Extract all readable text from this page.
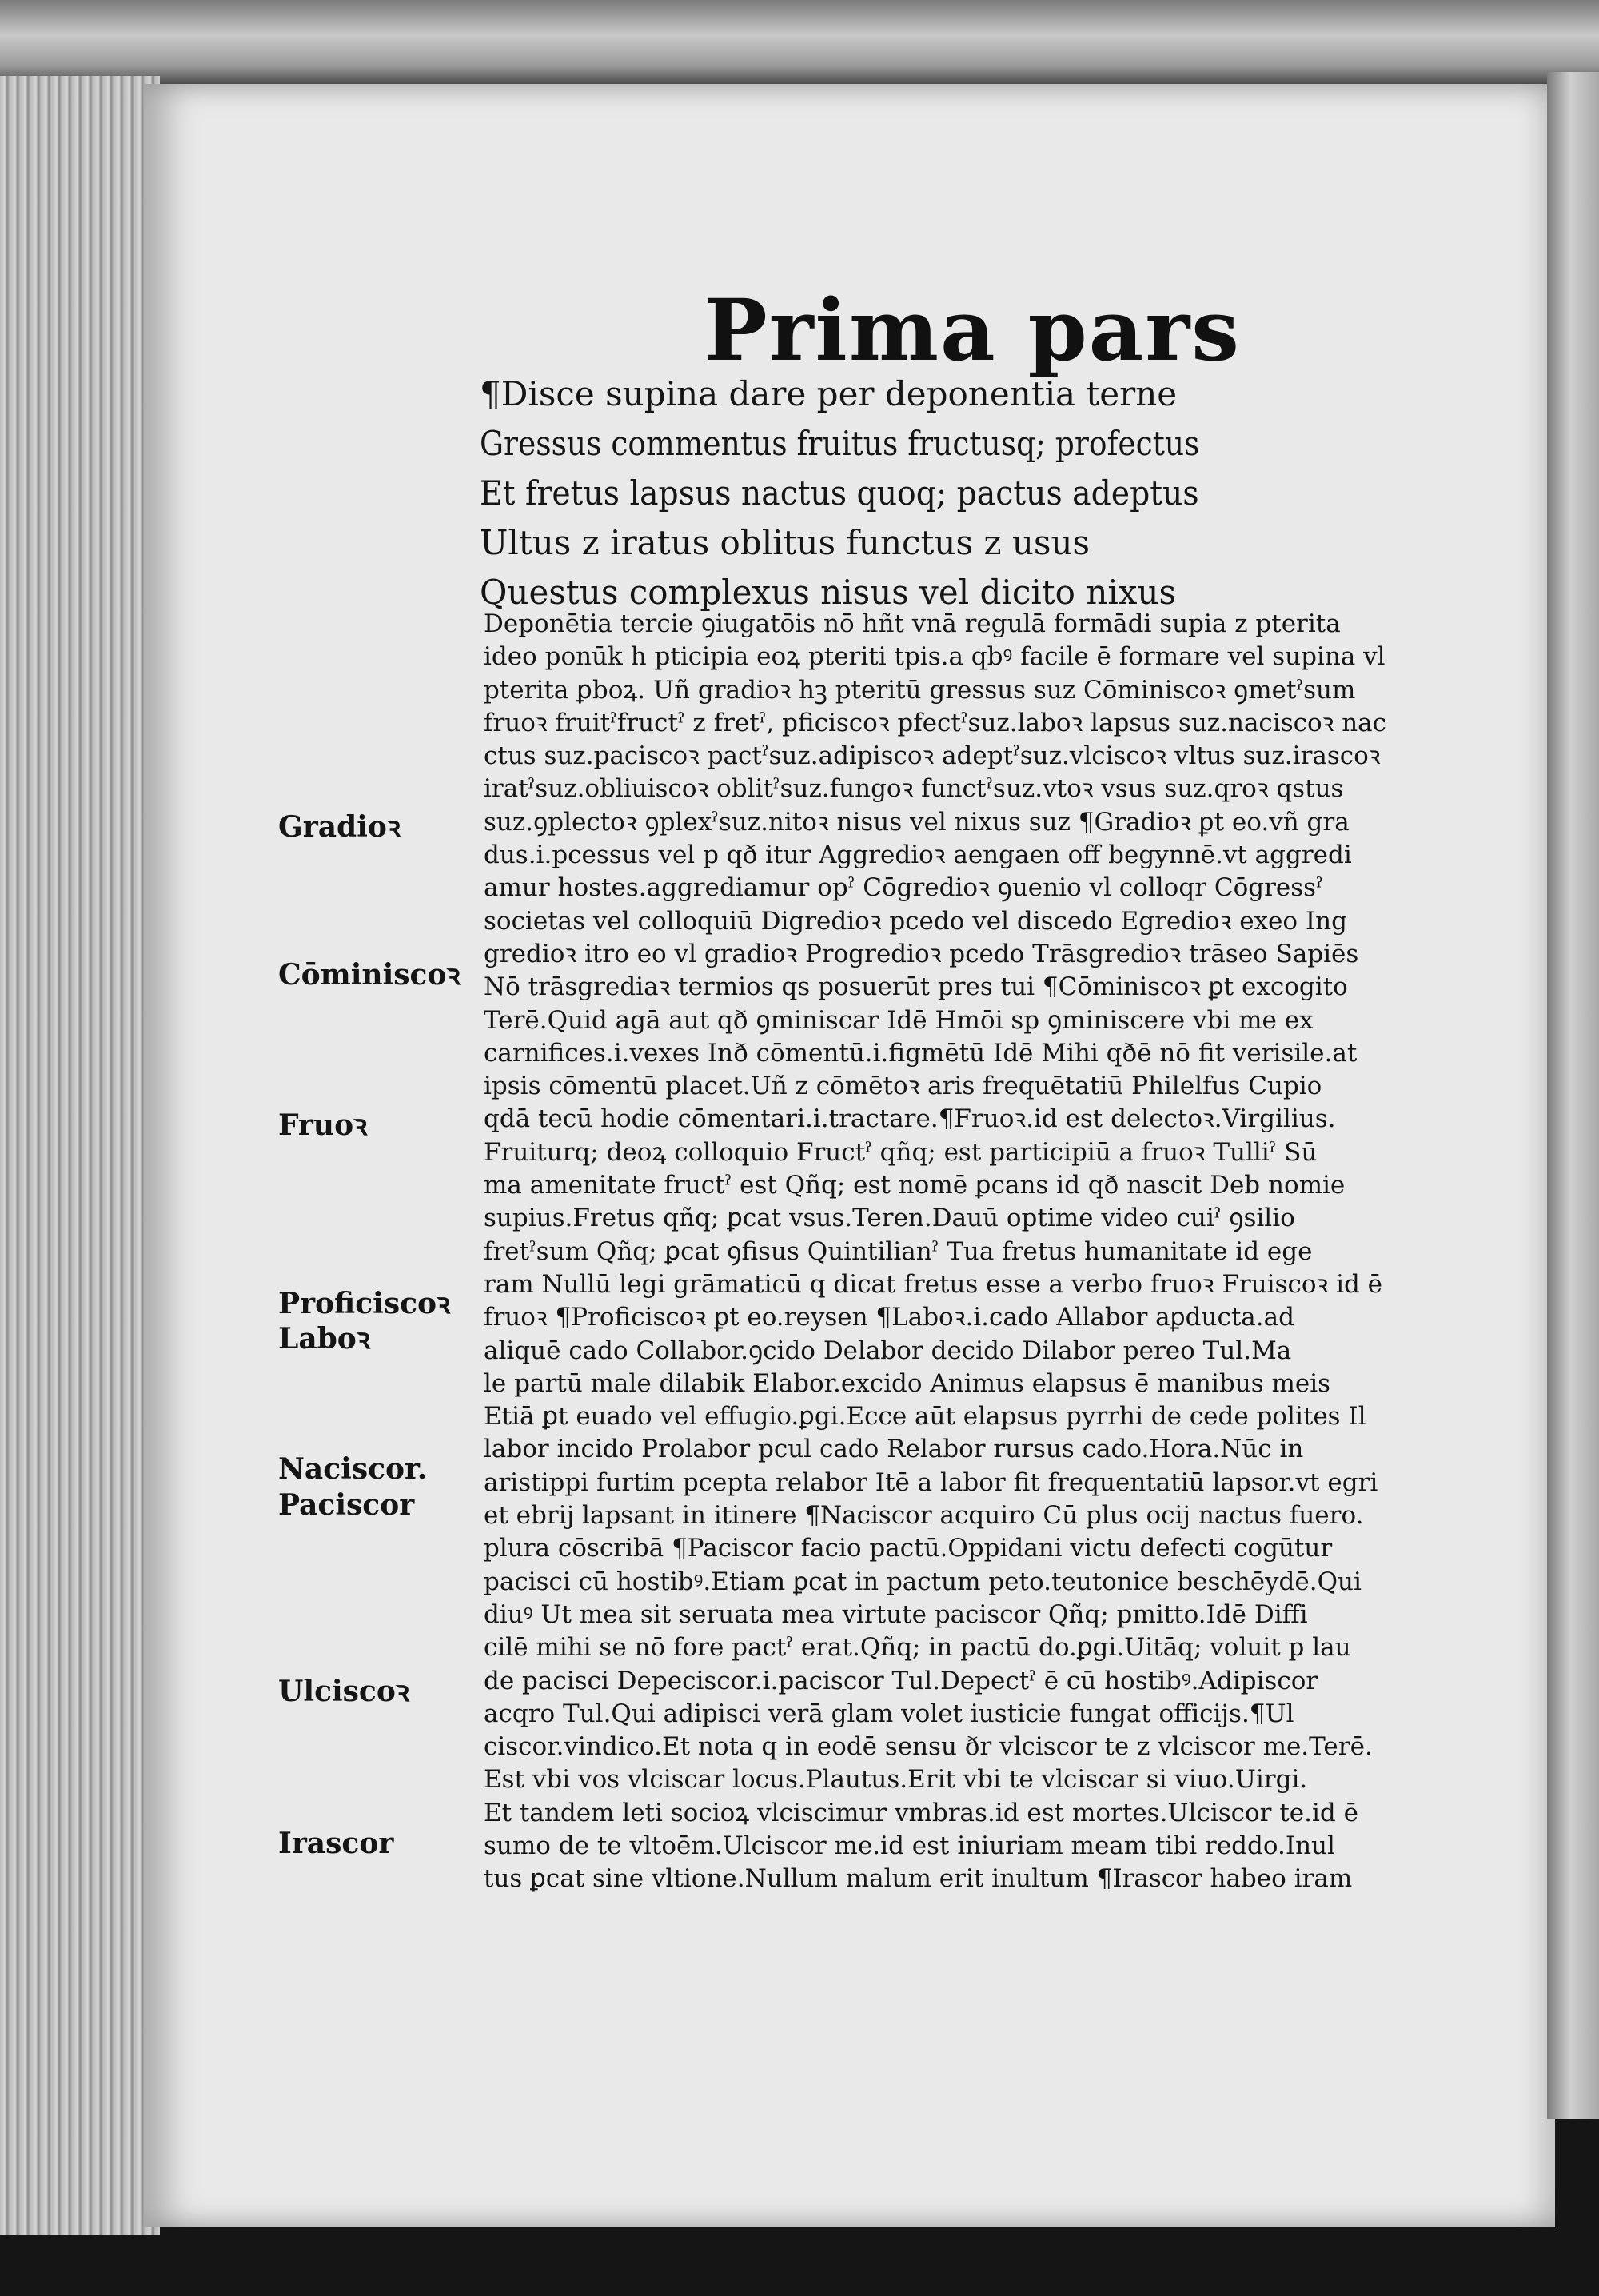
Prima pars
¶Disce supina dare per deponentia terne
Gressus commentus fruitus fructusq; profectus
Et fretus lapsus nactus quoq; pactus adeptus
Ultus z iratus oblitus functus z usus
Questus complexus nisus vel dicito nixus
Deponētia tercie ꝯiugatōis nō hñt vnā regulā formādi supia z pterita
ideo ponūk h pticipia eoꝝ pteriti tpis.a qbꝰ facile ē formare vel supina vl
pterita ꝑboꝝ. Uñ gradioꝛ hꝫ pteritū gressus suz Cōminiscoꝛ ꝯmetˀsum
fruoꝛ fruitˀfructˀ z fretˀ, pficiscoꝛ pfectˀsuz.laboꝛ lapsus suz.naciscoꝛ nac
ctus suz.paciscoꝛ pactˀsuz.adipiscoꝛ adeptˀsuz.vlciscoꝛ vltus suz.irascoꝛ
iratˀsuz.obliuiscoꝛ oblitˀsuz.fungoꝛ functˀsuz.vtoꝛ vsus suz.qroꝛ qstus
suz.ꝯplectoꝛ ꝯplexˀsuz.nitoꝛ nisus vel nixus suz ¶Gradioꝛ ꝑt eo.vñ gra
dus.i.pcessus vel p qð itur Aggredioꝛ aengaen off begynnē.vt aggredi
amur hostes.aggrediamur opˀ Cōgredioꝛ ꝯuenio vl colloqr Cōgressˀ
societas vel colloquiū Digredioꝛ pcedo vel discedo Egredioꝛ exeo Ing
gredioꝛ itro eo vl gradioꝛ Progredioꝛ pcedo Trāsgredioꝛ trāseo Sapiēs
Nō trāsgrediaꝛ termios qs posuerūt pres tui ¶Cōminiscoꝛ ꝑt excogito
Terē.Quid agā aut qð ꝯminiscar Idē Hmōi sp ꝯminiscere vbi me ex
carnifices.i.vexes Inð cōmentū.i.figmētū Idē Mihi qðē nō fit verisile.at
ipsis cōmentū placet.Uñ z cōmētoꝛ aris frequētatiū Philelfus Cupio
qdā tecū hodie cōmentari.i.tractare.¶Fruoꝛ.id est delectoꝛ.Virgilius.
Fruiturq; deoꝝ colloquio Fructˀ qñq; est participiū a fruoꝛ Tulliˀ Sū
ma amenitate fructˀ est Qñq; est nomē ꝑcans id qð nascit Deb nomie
supius.Fretus qñq; ꝑcat vsus.Teren.Dauū optime video cuiˀ ꝯsilio
fretˀsum Qñq; ꝑcat ꝯfisus Quintilianˀ Tua fretus humanitate id ege
ram Nullū legi grāmaticū q dicat fretus esse a verbo fruoꝛ Fruiscoꝛ id ē
fruoꝛ ¶Proficiscoꝛ ꝑt eo.reysen ¶Laboꝛ.i.cado Allabor aꝑducta.ad
aliquē cado Collabor.ꝯcido Delabor decido Dilabor pereo Tul.Ma
le partū male dilabik Elabor.excido Animus elapsus ē manibus meis
Etiā ꝑt euado vel effugio.ꝑgi.Ecce aūt elapsus pyrrhi de cede polites Il
labor incido Prolabor pcul cado Relabor rursus cado.Hora.Nūc in
aristippi furtim pcepta relabor Itē a labor fit frequentatiū lapsor.vt egri
et ebrij lapsant in itinere ¶Naciscor acquiro Cū plus ocij nactus fuero.
plura cōscribā ¶Paciscor facio pactū.Oppidani victu defecti cogūtur
pacisci cū hostibꝰ.Etiam ꝑcat in pactum peto.teutonice beschēydē.Qui
diuꝰ Ut mea sit seruata mea virtute paciscor Qñq; pmitto.Idē Diffi
cilē mihi se nō fore pactˀ erat.Qñq; in pactū do.ꝑgi.Uitāq; voluit p lau
de pacisci Depeciscor.i.paciscor Tul.Depectˀ ē cū hostibꝰ.Adipiscor
acqro Tul.Qui adipisci verā glam volet iusticie fungat officijs.¶Ul
ciscor.vindico.Et nota q in eodē sensu ðr vlciscor te z vlciscor me.Terē.
Est vbi vos vlciscar locus.Plautus.Erit vbi te vlciscar si viuo.Uirgi.
Et tandem leti socioꝝ vlciscimur vmbras.id est mortes.Ulciscor te.id ē
sumo de te vltoēm.Ulciscor me.id est iniuriam meam tibi reddo.Inul
tus ꝑcat sine vltione.Nullum malum erit inultum ¶Irascor habeo iram
Gradioꝛ
Cōminiscoꝛ
Fruoꝛ
Proficiscoꝛ
Laboꝛ
Naciscor.
Paciscor
Ulciscoꝛ
Irascor
